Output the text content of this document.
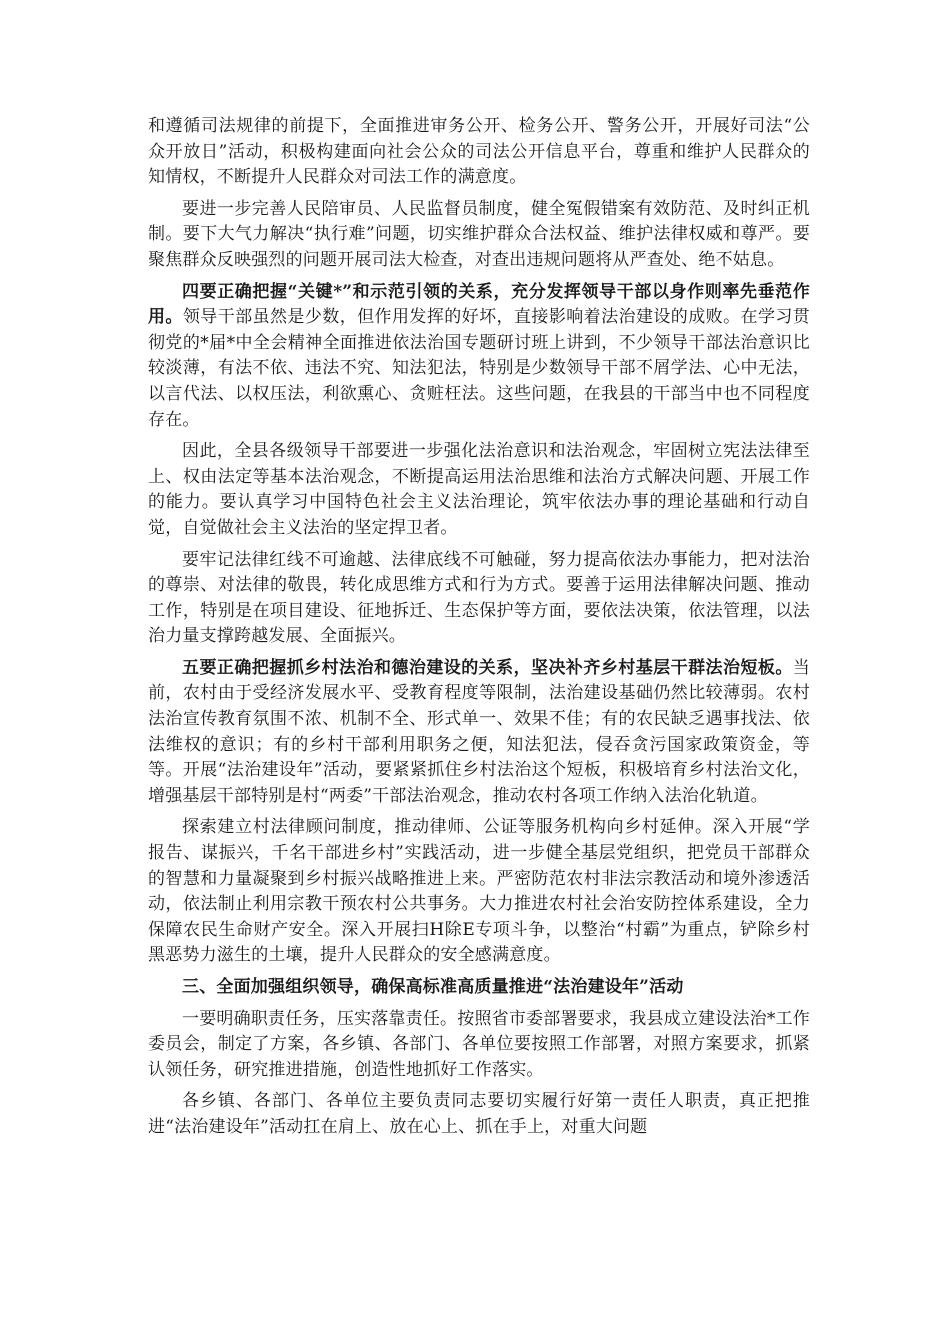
和遵循司法规律的前提下，全面推进审务公开、检务公开、警务公开，开展好司法“公众开放日”活动，积极构建面向社会公众的司法公开信息平台，尊重和维护人民群众的知情权，不断提升人民群众对司法工作的满意度。

要进一步完善人民陪审员、人民监督员制度，健全冤假错案有效防范、及时纠正机制。要下大气力解决“执行难”问题，切实维护群众合法权益、维护法律权威和尊严。要聚焦群众反映强烈的问题开展司法大检查，对查出违规问题将从严查处、绝不姑息。

四要正确把握“关键*”和示范引领的关系，充分发挥领导干部以身作则率先垂范作用。领导干部虽然是少数，但作用发挥的好坏，直接影响着法治建设的成败。在学习贯彻党的*届*中全会精神全面推进依法治国专题研讨班上讲到，不少领导干部法治意识比较淡薄，有法不依、违法不究、知法犯法，特别是少数领导干部不屑学法、心中无法，以言代法、以权压法，利欲熏心、贪赃枉法。这些问题，在我县的干部当中也不同程度存在。

因此，全县各级领导干部要进一步强化法治意识和法治观念，牢固树立宪法法律至上、权由法定等基本法治观念，不断提高运用法治思维和法治方式解决问题、开展工作的能力。要认真学习中国特色社会主义法治理论，筑牢依法办事的理论基础和行动自觉，自觉做社会主义法治的坚定捍卫者。

要牢记法律红线不可逾越、法律底线不可触碰，努力提高依法办事能力，把对法治的尊崇、对法律的敬畏，转化成思维方式和行为方式。要善于运用法律解决问题、推动工作，特别是在项目建设、征地拆迁、生态保护等方面，要依法决策，依法管理，以法治力量支撑跨越发展、全面振兴。

五要正确把握抓乡村法治和德治建设的关系，坚决补齐乡村基层干群法治短板。当前，农村由于受经济发展水平、受教育程度等限制，法治建设基础仍然比较薄弱。农村法治宣传教育氛围不浓、机制不全、形式单一、效果不佳；有的农民缺乏遇事找法、依法维权的意识；有的乡村干部利用职务之便，知法犯法，侵吞贪污国家政策资金，等等。开展“法治建设年”活动，要紧紧抓住乡村法治这个短板，积极培育乡村法治文化，增强基层干部特别是村“两委”干部法治观念，推动农村各项工作纳入法治化轨道。

探索建立村法律顾问制度，推动律师、公证等服务机构向乡村延伸。深入开展“学报告、谋振兴，千名干部进乡村”实践活动，进一步健全基层党组织，把党员干部群众的智慧和力量凝聚到乡村振兴战略推进上来。严密防范农村非法宗教活动和境外渗透活动，依法制止利用宗教干预农村公共事务。大力推进农村社会治安防控体系建设，全力保障农民生命财产安全。深入开展扫H除E专项斗争，以整治“村霸”为重点，铲除乡村黑恶势力滋生的土壤，提升人民群众的安全感满意度。

三、全面加强组织领导，确保高标准高质量推进“法治建设年”活动

一要明确职责任务，压实落靠责任。按照省市委部署要求，我县成立建设法治*工作委员会，制定了方案，各乡镇、各部门、各单位要按照工作部署，对照方案要求，抓紧认领任务，研究推进措施，创造性地抓好工作落实。

各乡镇、各部门、各单位主要负责同志要切实履行好第一责任人职责，真正把推进“法治建设年”活动扛在肩上、放在心上、抓在手上，对重大问题
